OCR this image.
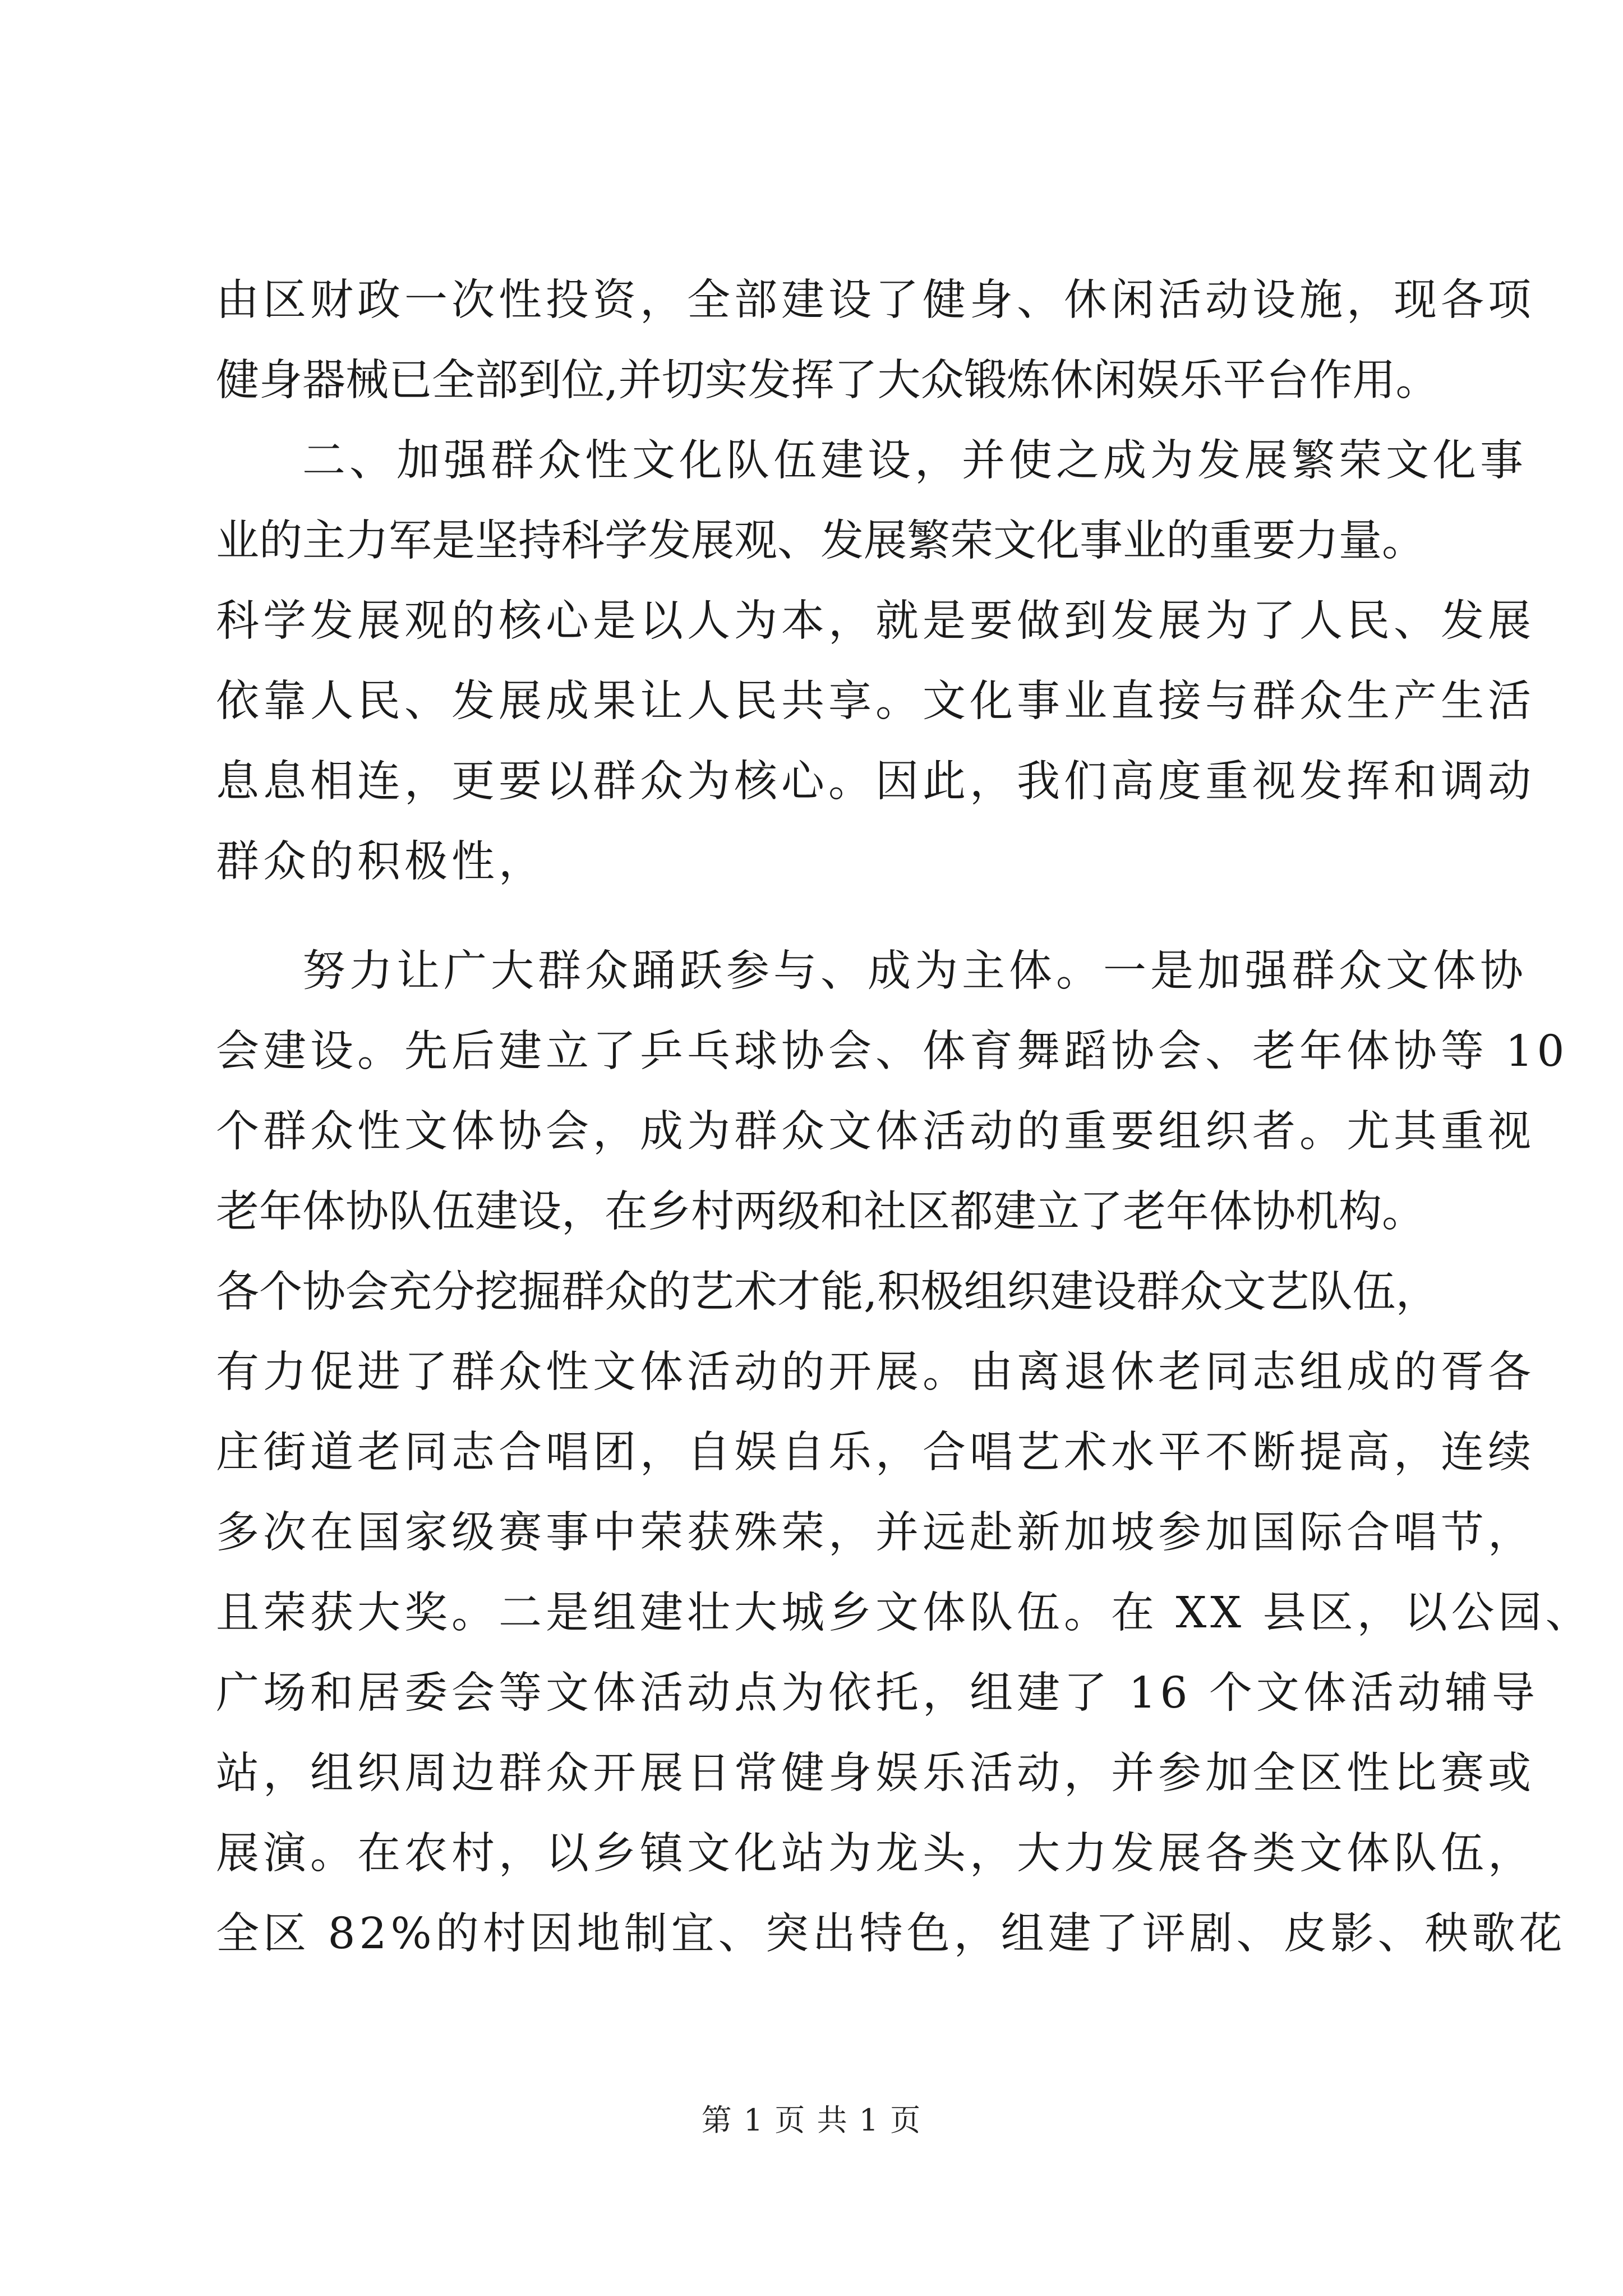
由区财政一次性投资，全部建设了健身、休闲活动设施，现各项
健身器械已全部到位,并切实发挥了大众锻炼休闲娱乐平台作用。
二、加强群众性文化队伍建设，并使之成为发展繁荣文化事
业的主力军是坚持科学发展观、发展繁荣文化事业的重要力量。
科学发展观的核心是以人为本，就是要做到发展为了人民、发展
依靠人民、发展成果让人民共享。文化事业直接与群众生产生活
息息相连，更要以群众为核心。因此，我们高度重视发挥和调动
群众的积极性，
努力让广大群众踊跃参与、成为主体。一是加强群众文体协
会建设。先后建立了乒乓球协会、体育舞蹈协会、老年体协等 10
个群众性文体协会，成为群众文体活动的重要组织者。尤其重视
老年体协队伍建设，在乡村两级和社区都建立了老年体协机构。
各个协会充分挖掘群众的艺术才能,积极组织建设群众文艺队伍，
有力促进了群众性文体活动的开展。由离退休老同志组成的胥各
庄街道老同志合唱团，自娱自乐，合唱艺术水平不断提高，连续
多次在国家级赛事中荣获殊荣，并远赴新加坡参加国际合唱节，
且荣获大奖。二是组建壮大城乡文体队伍。在 XX 县区，以公园、
广场和居委会等文体活动点为依托，组建了 16 个文体活动辅导
站，组织周边群众开展日常健身娱乐活动，并参加全区性比赛或
展演。在农村，以乡镇文化站为龙头，大力发展各类文体队伍，
全区 82%的村因地制宜、突出特色，组建了评剧、皮影、秧歌花
第 1 页 共 1 页
